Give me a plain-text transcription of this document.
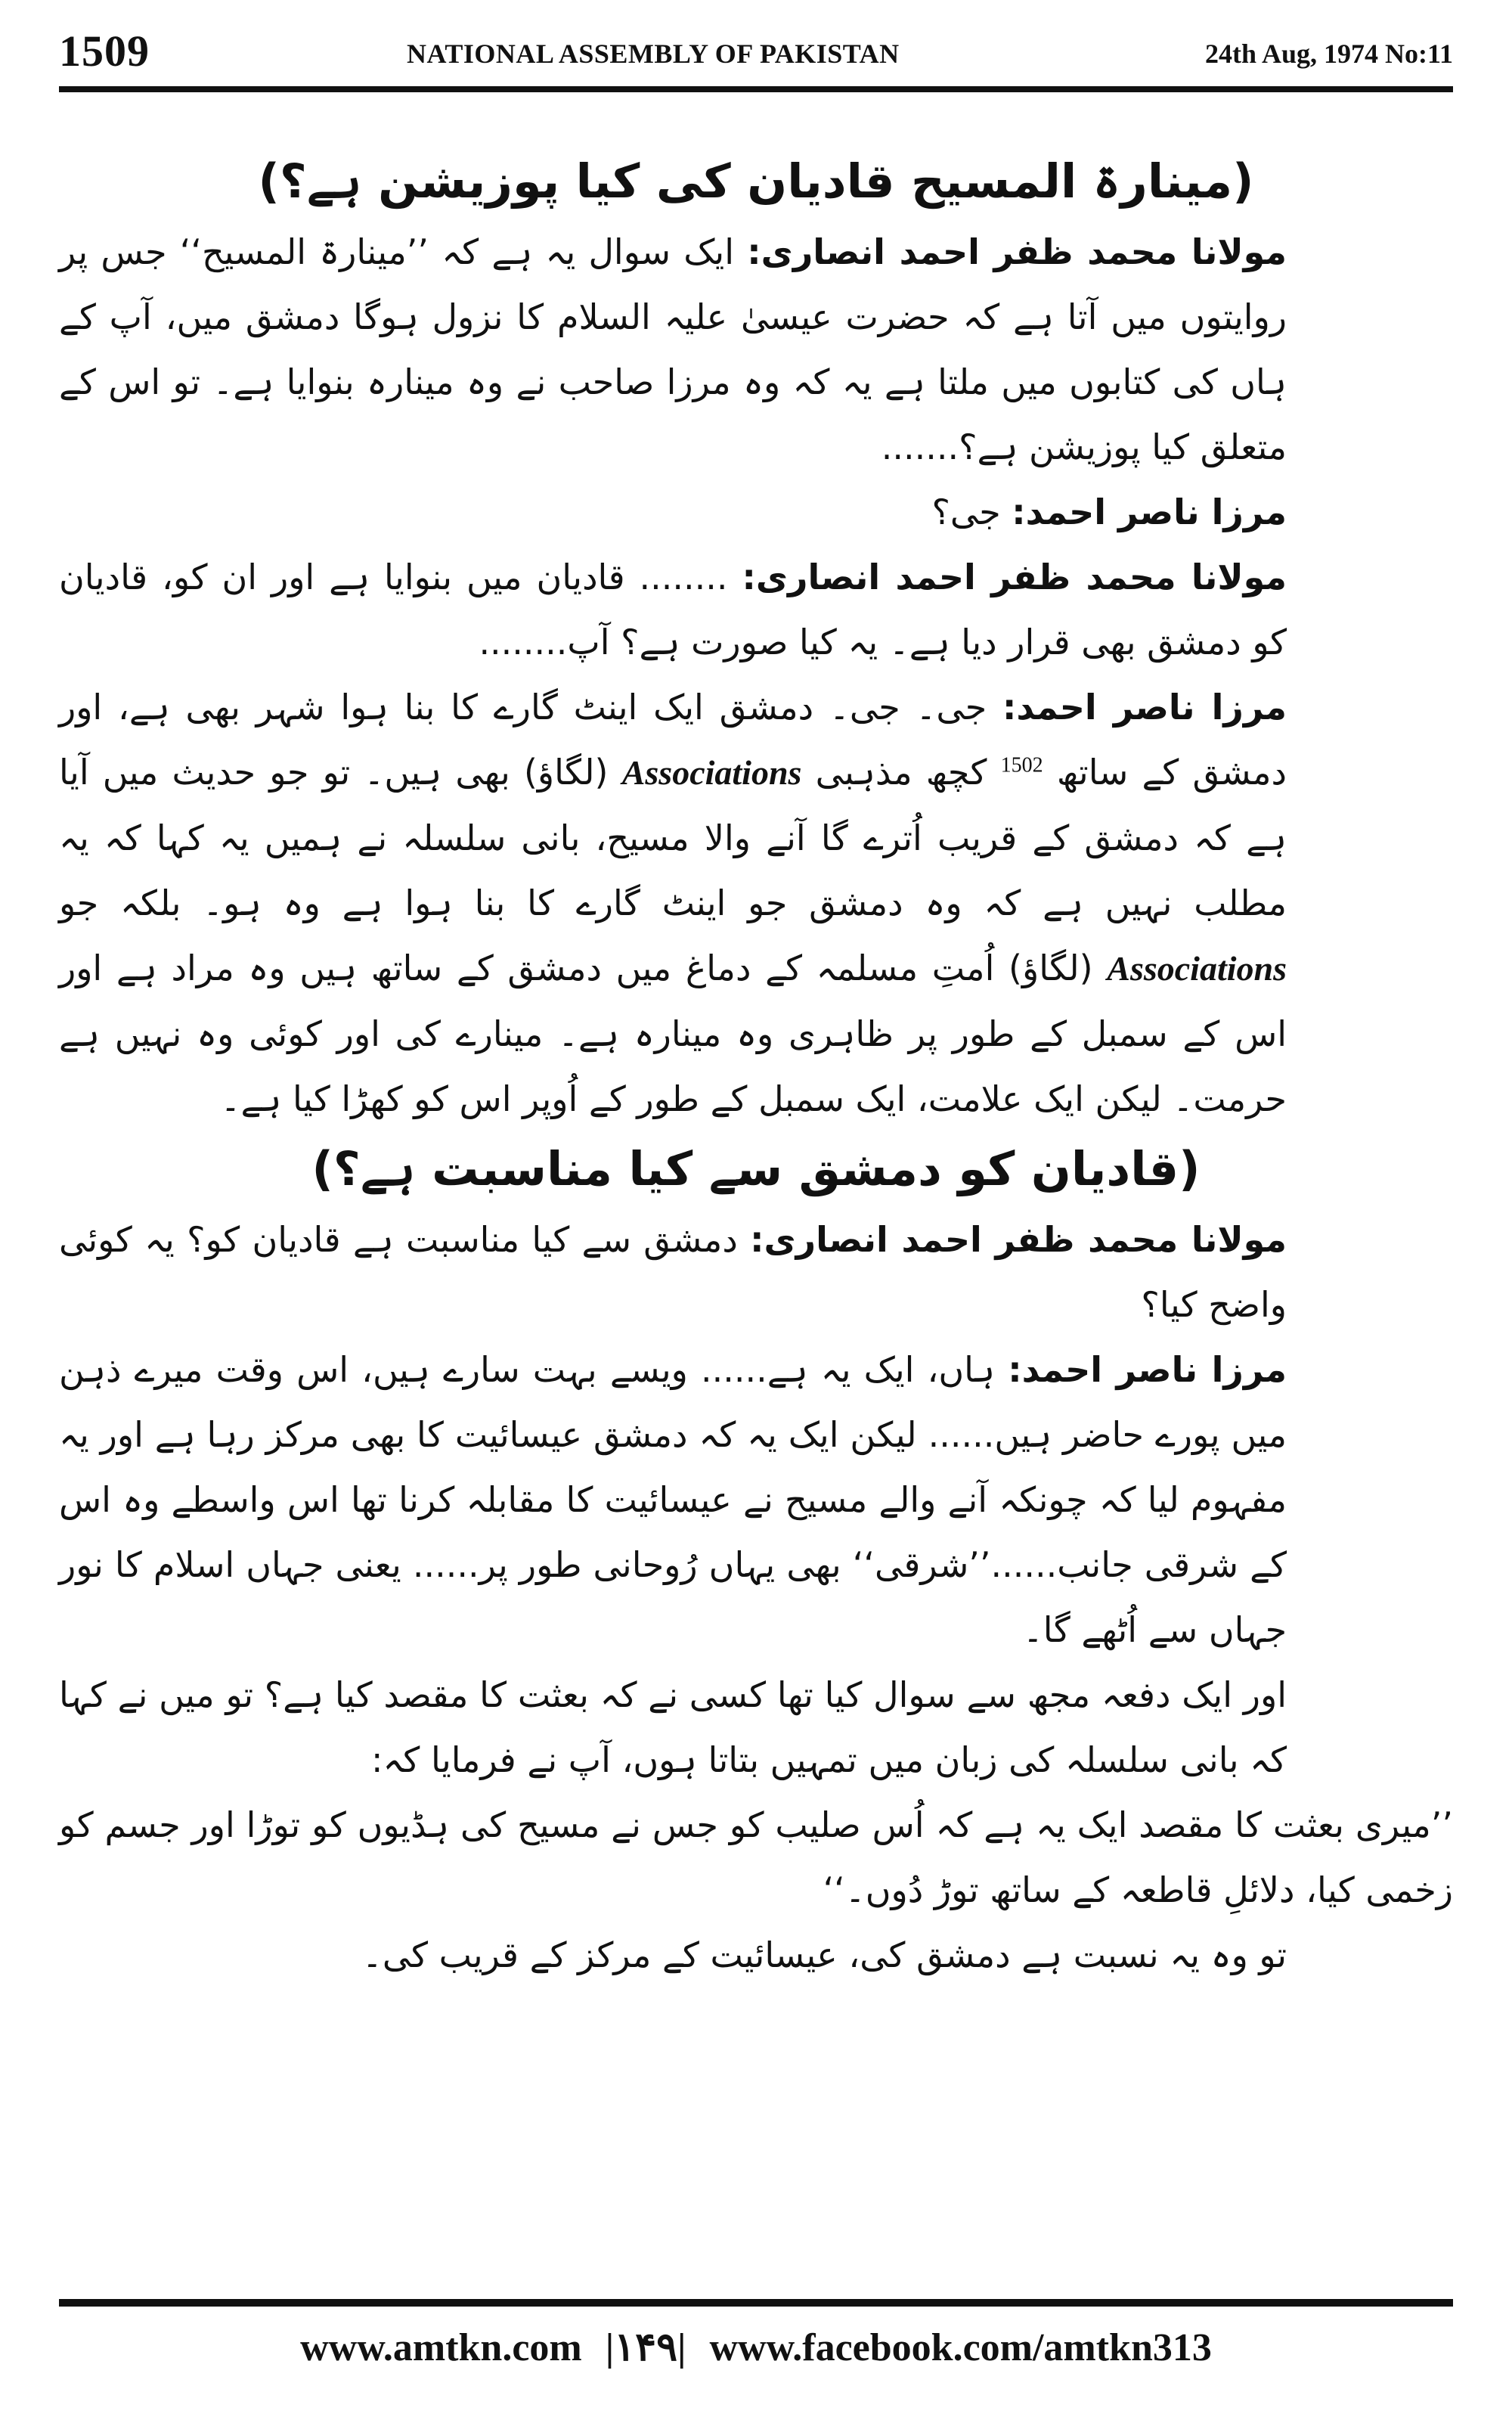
1509	NATIONAL ASSEMBLY OF PAKISTAN	24th Aug, 1974 No:11

(مینارۃ المسیح قادیان کی کیا پوزیشن ہے؟)

مولانا محمد ظفر احمد انصاری: ایک سوال یہ ہے کہ ’’مینارۃ المسیح‘‘ جس پر روایتوں میں آتا ہے کہ حضرت عیسیٰ علیہ السلام کا نزول ہوگا دمشق میں، آپ کے ہاں کی کتابوں میں ملتا ہے یہ کہ وہ مرزا صاحب نے وہ مینارہ بنوایا ہے۔ تو اس کے متعلق کیا پوزیشن ہے؟.......

مرزا ناصر احمد: جی؟

مولانا محمد ظفر احمد انصاری: ........ قادیان میں بنوایا ہے اور ان کو، قادیان کو دمشق بھی قرار دیا ہے۔ یہ کیا صورت ہے؟ آپ........

مرزا ناصر احمد: جی۔ جی۔ دمشق ایک اینٹ گارے کا بنا ہوا شہر بھی ہے، اور دمشق کے ساتھ $^{1502}$ کچھ مذہبی Associations (لگاؤ) بھی ہیں۔ تو جو حدیث میں آیا ہے کہ دمشق کے قریب اُترے گا آنے والا مسیح، بانی سلسلہ نے ہمیں یہ کہا کہ یہ مطلب نہیں ہے کہ وہ دمشق جو اینٹ گارے کا بنا ہوا ہے وہ ہو۔ بلکہ جو Associations (لگاؤ) اُمتِ مسلمہ کے دماغ میں دمشق کے ساتھ ہیں وہ مراد ہے اور اس کے سمبل کے طور پر ظاہری وہ مینارہ ہے۔ مینارے کی اور کوئی وہ نہیں ہے حرمت۔ لیکن ایک علامت، ایک سمبل کے طور کے اُوپر اس کو کھڑا کیا ہے۔

(قادیان کو دمشق سے کیا مناسبت ہے؟)

مولانا محمد ظفر احمد انصاری: دمشق سے کیا مناسبت ہے قادیان کو؟ یہ کوئی واضح کیا؟

مرزا ناصر احمد: ہاں، ایک یہ ہے...... ویسے بہت سارے ہیں، اس وقت میرے ذہن میں پورے حاضر ہیں...... لیکن ایک یہ کہ دمشق عیسائیت کا بھی مرکز رہا ہے اور یہ مفہوم لیا کہ چونکہ آنے والے مسیح نے عیسائیت کا مقابلہ کرنا تھا اس واسطے وہ اس کے شرقی جانب......’’شرقی‘‘ بھی یہاں رُوحانی طور پر...... یعنی جہاں اسلام کا نور جہاں سے اُٹھے گا۔

اور ایک دفعہ مجھ سے سوال کیا تھا کسی نے کہ بعثت کا مقصد کیا ہے؟ تو میں نے کہا کہ بانی سلسلہ کی زبان میں تمہیں بتاتا ہوں، آپ نے فرمایا کہ:

’’میری بعثت کا مقصد ایک یہ ہے کہ اُس صلیب کو جس نے مسیح کی ہڈیوں کو توڑا اور جسم کو زخمی کیا، دلائلِ قاطعہ کے ساتھ توڑ دُوں۔‘‘

تو وہ یہ نسبت ہے دمشق کی، عیسائیت کے مرکز کے قریب کی۔

www.amtkn.com |۱۴۹| www.facebook.com/amtkn313
